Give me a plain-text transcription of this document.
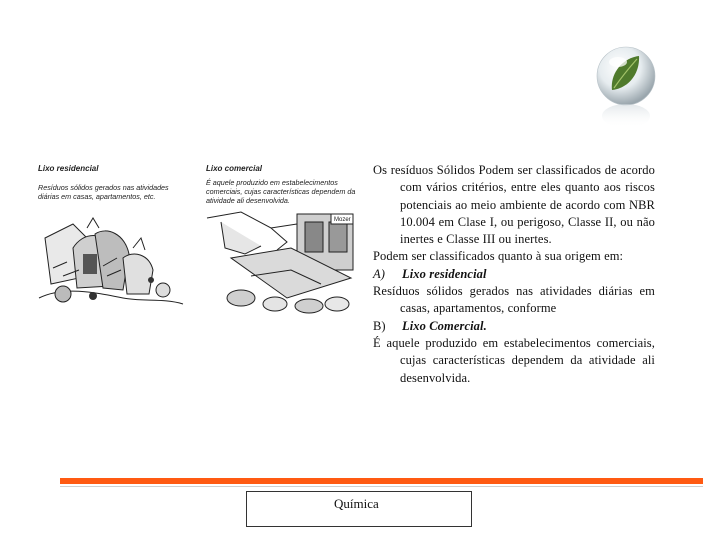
Lixo residencial
Resíduos sólidos gerados nas atividades diárias em casas, apartamentos, etc.
Mozer
Lixo comercial
É aquele produzido em estabelecimentos comerciais, cujas características dependem da atividade ali desenvolvida.

Os resíduos Sólidos Podem ser classificados de acordo com vários critérios, entre eles quanto aos riscos potenciais ao meio ambiente de acordo com NBR 10.004 em Clase I, ou perigoso, Classe II, ou não inertes e Classe III ou inertes.

Podem ser classificados quanto à sua origem em:

A) Lixo residencial

Resíduos sólidos gerados nas atividades diárias em casas, apartamentos, conforme

B) Lixo Comercial.

É aquele produzido em estabelecimentos comerciais, cujas características dependem da atividade ali desenvolvida.

Química
